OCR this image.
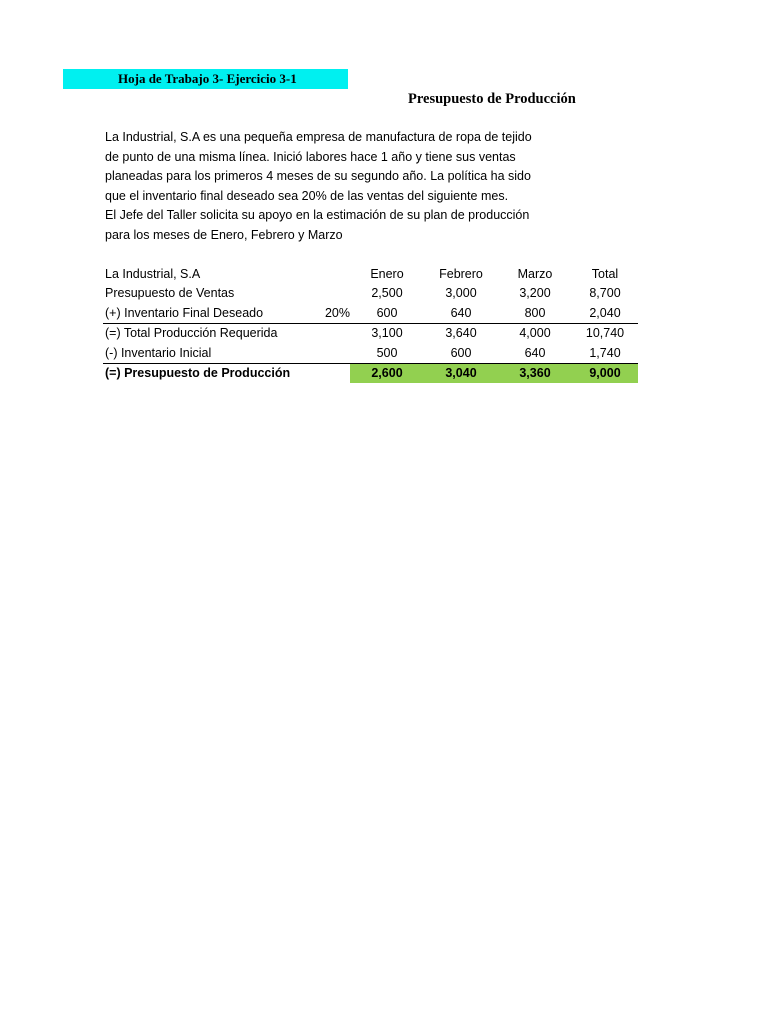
Hoja de Trabajo 3- Ejercicio 3-1
Presupuesto de Producción
La Industrial, S.A es una pequeña empresa de manufactura de ropa de tejido
de punto de una misma línea. Inició labores hace 1 año y tiene sus ventas
planeadas para los primeros 4 meses de su segundo año. La política ha sido
que el inventario final deseado sea 20% de las ventas del siguiente mes.
El Jefe del Taller solicita su apoyo en la estimación de su plan de producción
para los meses de Enero, Febrero y Marzo
La Industrial, S.A		Enero	Febrero	Marzo	Total
Presupuesto de Ventas		2,500	3,000	3,200	8,700
(+) Inventario Final Deseado	20%	600	640	800	2,040
(=) Total Producción Requerida		3,100	3,640	4,000	10,740
(-) Inventario Inicial		500	600	640	1,740
(=) Presupuesto de Producción		2,600	3,040	3,360	9,000
